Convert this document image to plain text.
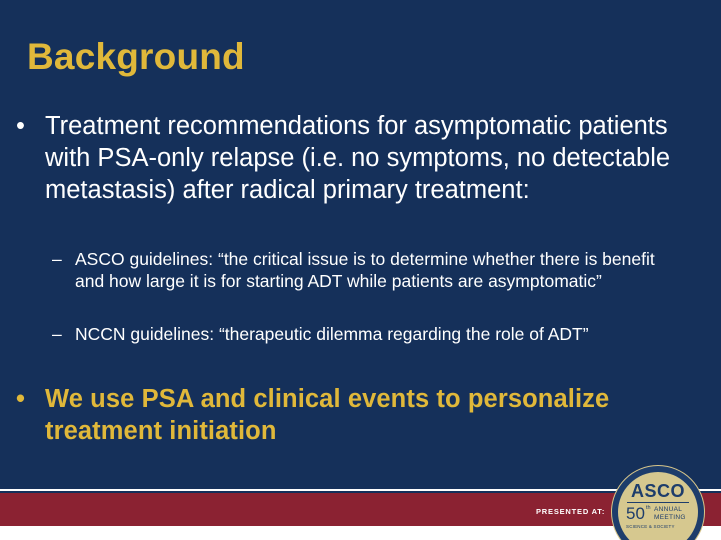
Background
• Treatment recommendations for asymptomatic patients with PSA-only relapse (i.e. no symptoms, no detectable metastasis) after radical primary treatment:
– ASCO guidelines: “the critical issue is to determine whether there is benefit and how large it is for starting ADT while patients are asymptomatic”
– NCCN guidelines: “therapeutic dilemma regarding the role of ADT”
• We use PSA and clinical events to personalize treatment initiation
PRESENTED AT:
ASCO
50 th ANNUAL
MEETING
SCIENCE & SOCIETY
